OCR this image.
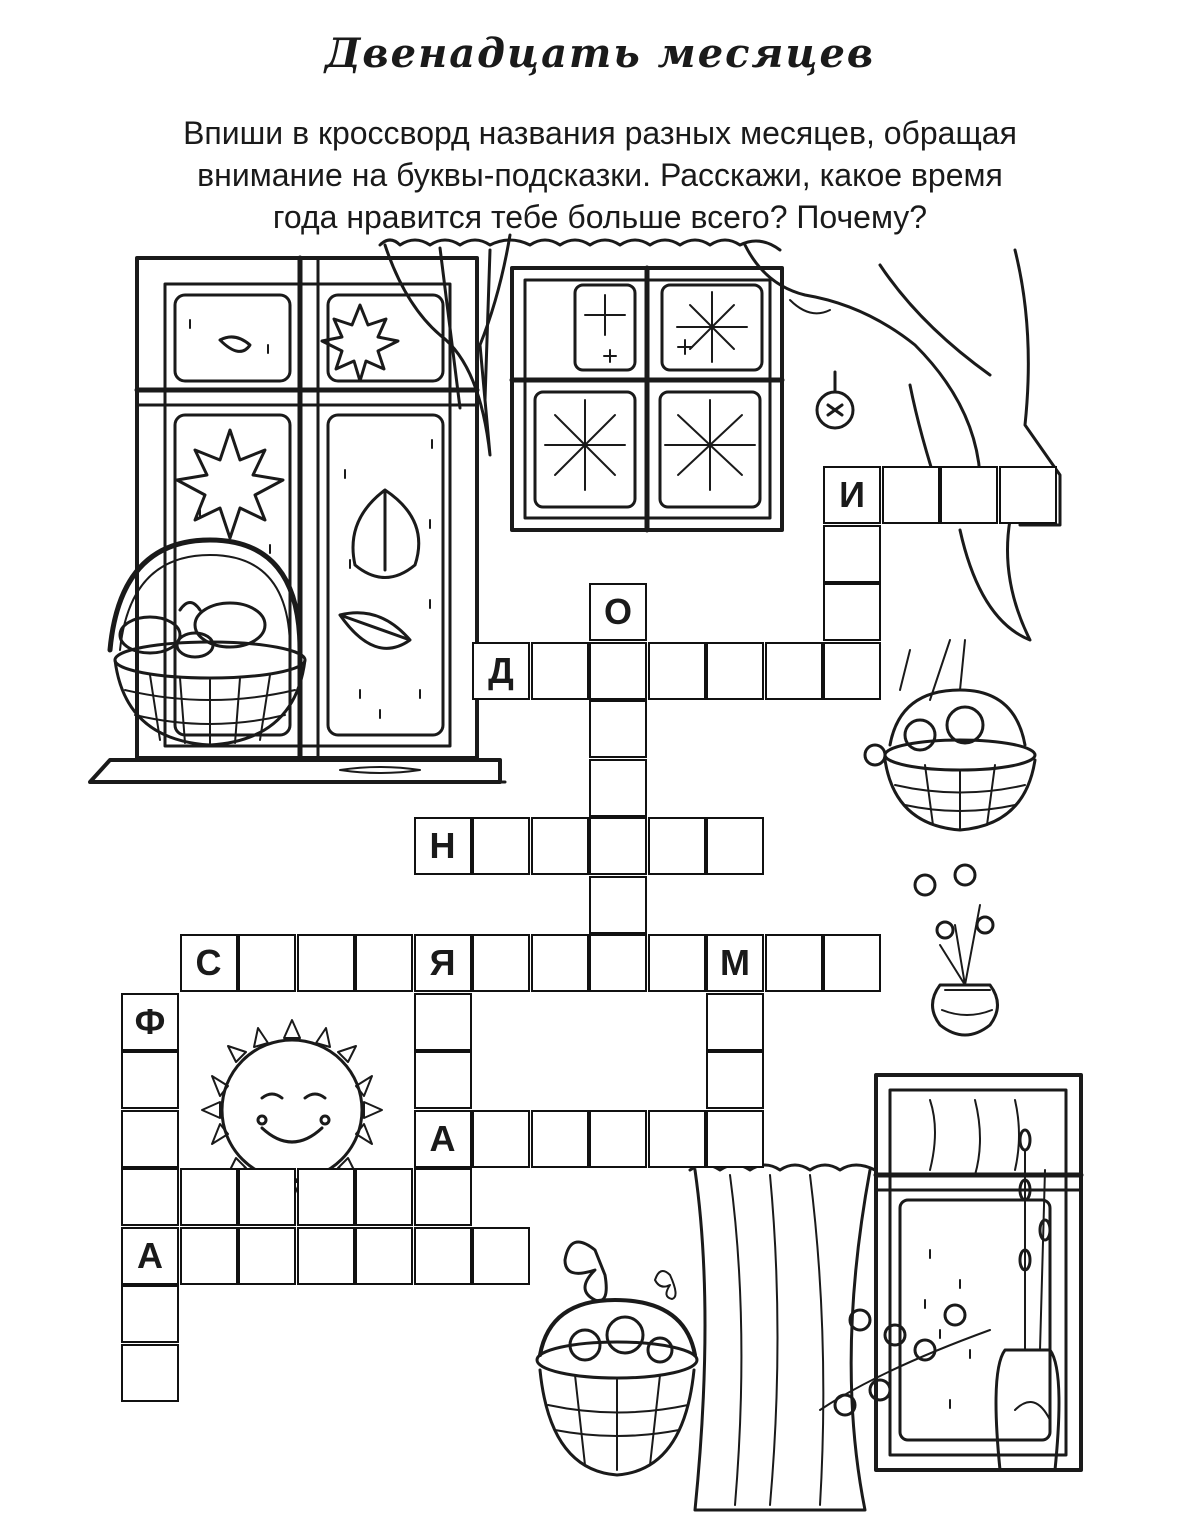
Двенадцать месяцев
Впиши в кроссворд названия разных месяцев, обращая
внимание на буквы-подсказки. Расскажи, какое время
года нравится тебе больше всего? Почему?
И
О
Д
Н
С	Я	М
Ф
А
А
